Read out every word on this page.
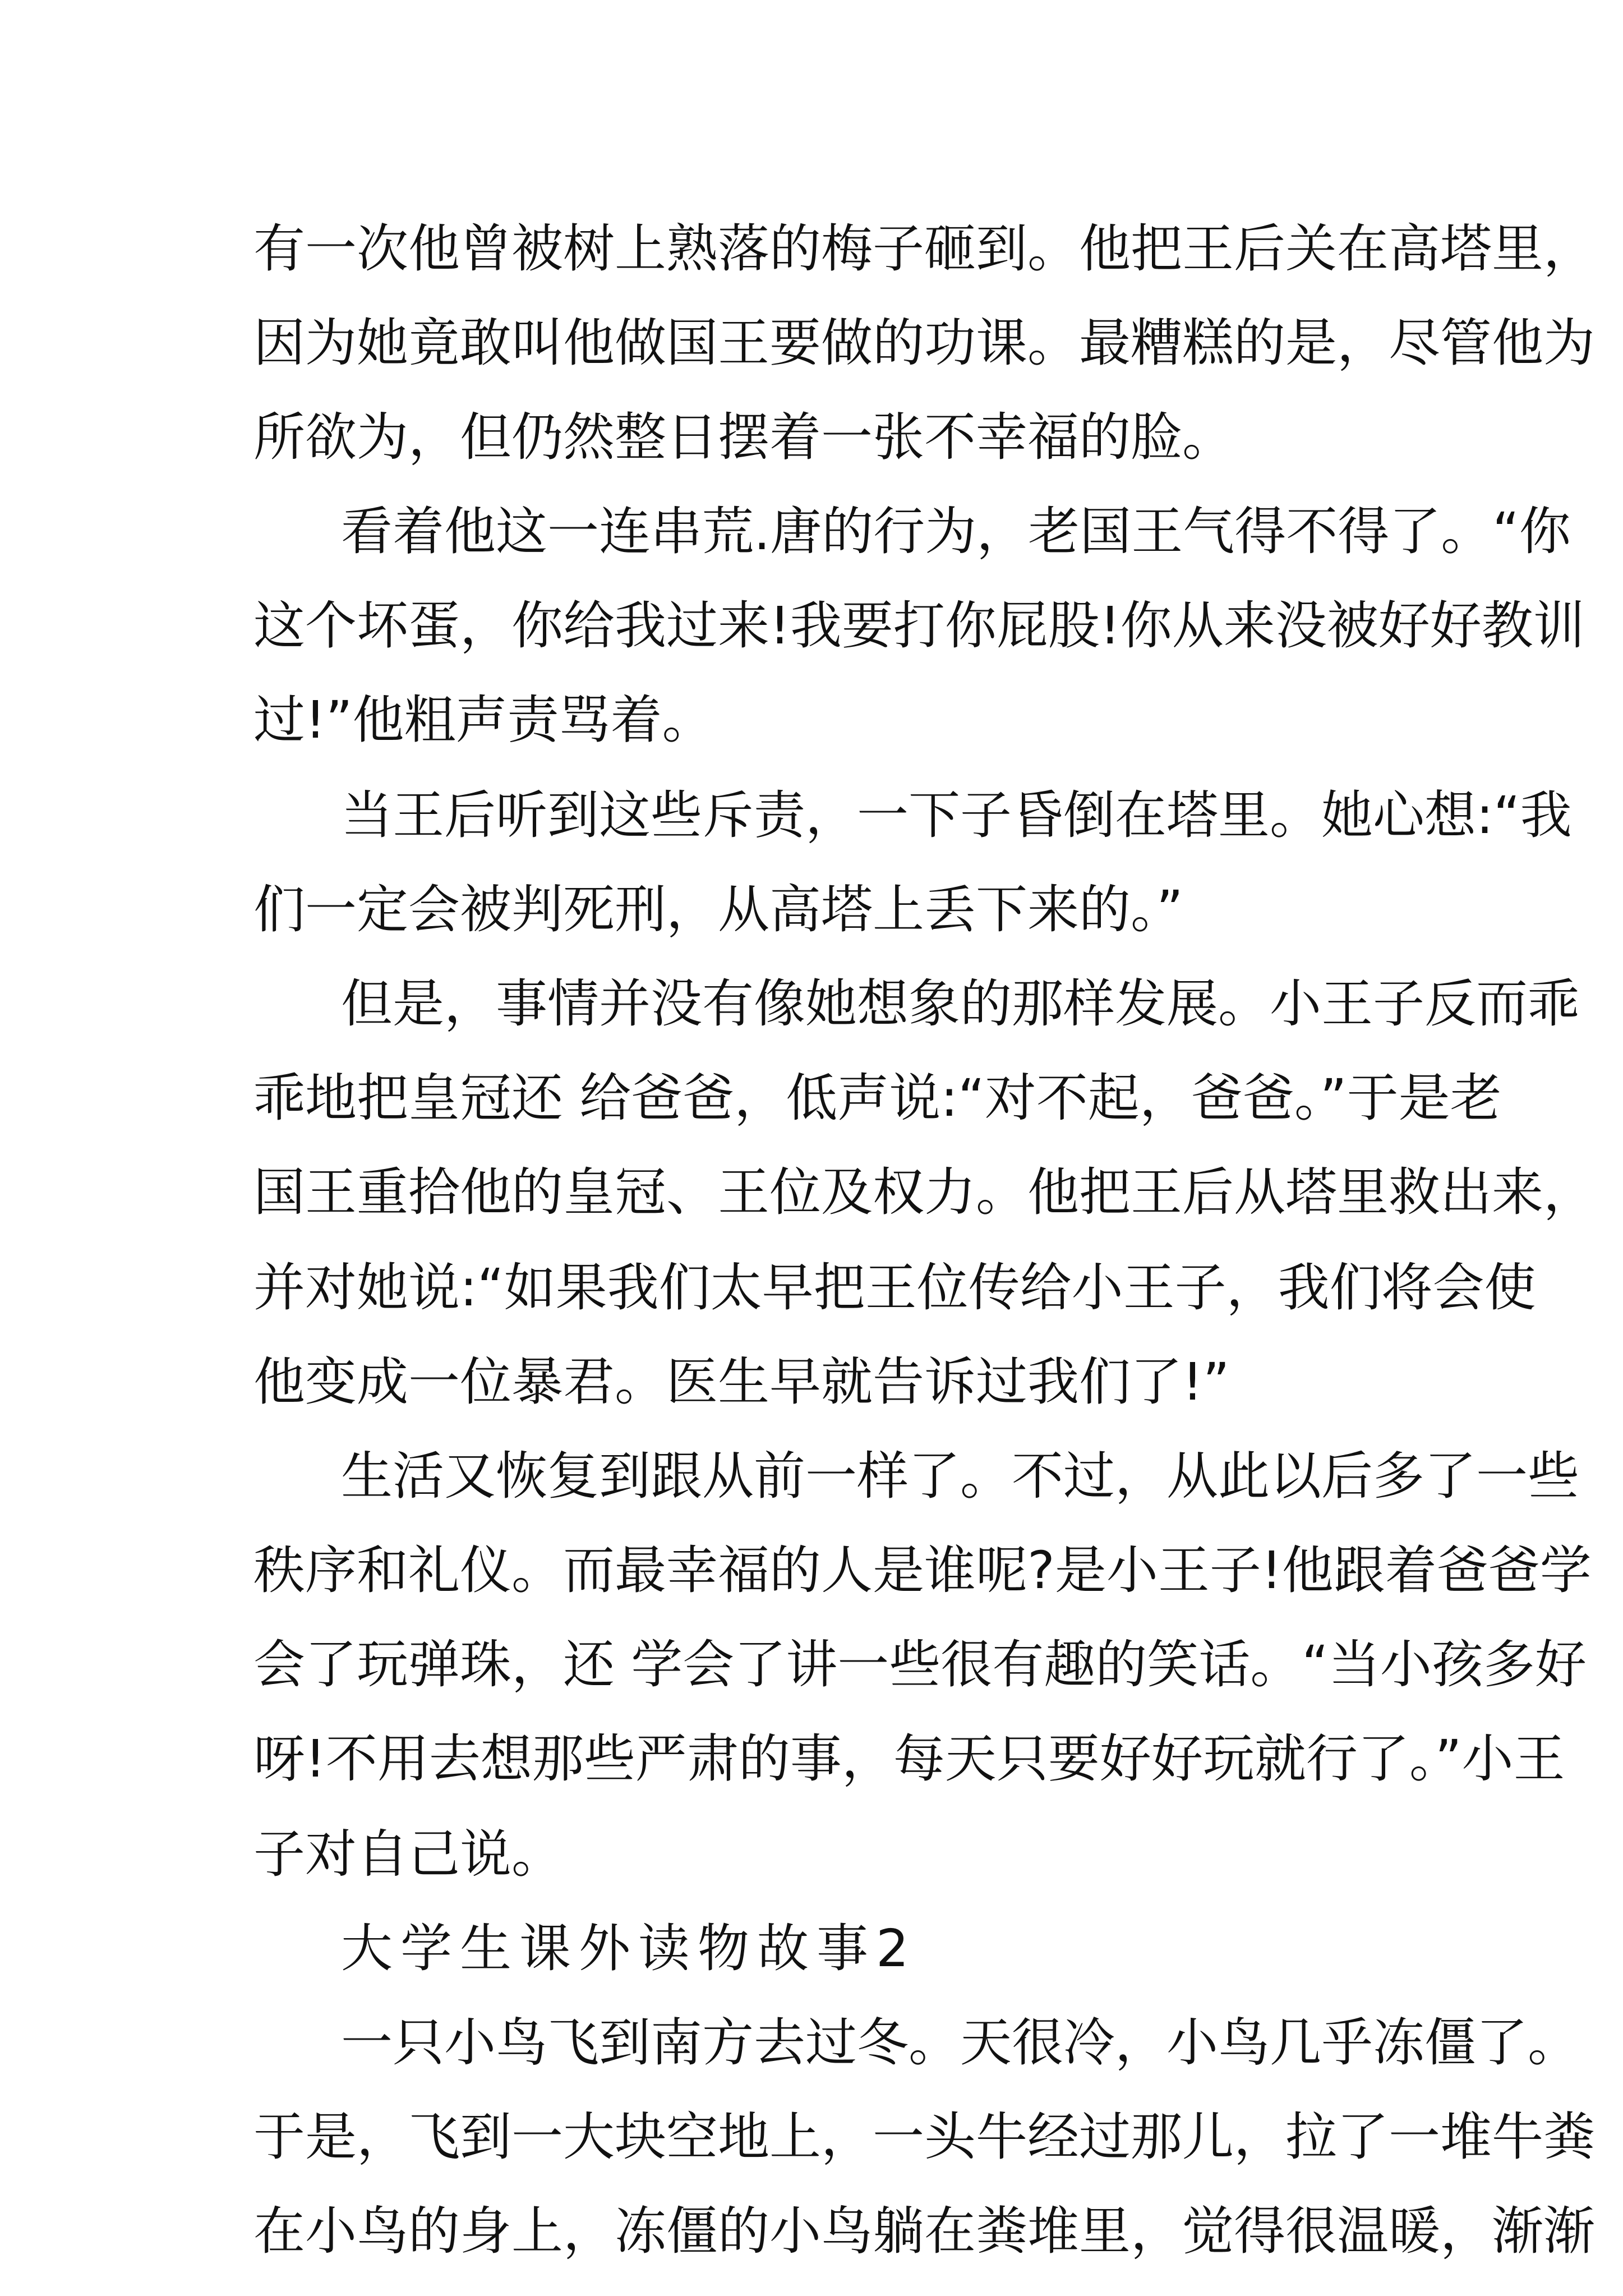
有一次他曾被树上熟落的梅子砸到。他把王后关在高塔里，
因为她竟敢叫他做国王要做的功课。最糟糕的是，尽管他为
所欲为，但仍然整日摆着一张不幸福的脸。
看着他这一连串荒.唐的行为，老国王气得不得了。“你
这个坏蛋，你给我过来!我要打你屁股!你从来没被好好教训
过!”他粗声责骂着。
当王后听到这些斥责，一下子昏倒在塔里。她心想:“我
们一定会被判死刑，从高塔上丢下来的。”
但是，事情并没有像她想象的那样发展。小王子反而乖
乖地把皇冠还 给爸爸，低声说:“对不起，爸爸。”于是老
国王重拾他的皇冠、王位及权力。他把王后从塔里救出来，
并对她说:“如果我们太早把王位传给小王子，我们将会使
他变成一位暴君。医生早就告诉过我们了!”
生活又恢复到跟从前一样了。不过，从此以后多了一些
秩序和礼仪。而最幸福的人是谁呢?是小王子!他跟着爸爸学
会了玩弹珠，还 学会了讲一些很有趣的笑话。“当小孩多好
呀!不用去想那些严肃的事，每天只要好好玩就行了。”小王
子对自己说。
大学生课外读物故事2
一只小鸟飞到南方去过冬。天很冷，小鸟几乎冻僵了。
于是，飞到一大块空地上，一头牛经过那儿，拉了一堆牛粪
在小鸟的身上，冻僵的小鸟躺在粪堆里，觉得很温暖，渐渐
